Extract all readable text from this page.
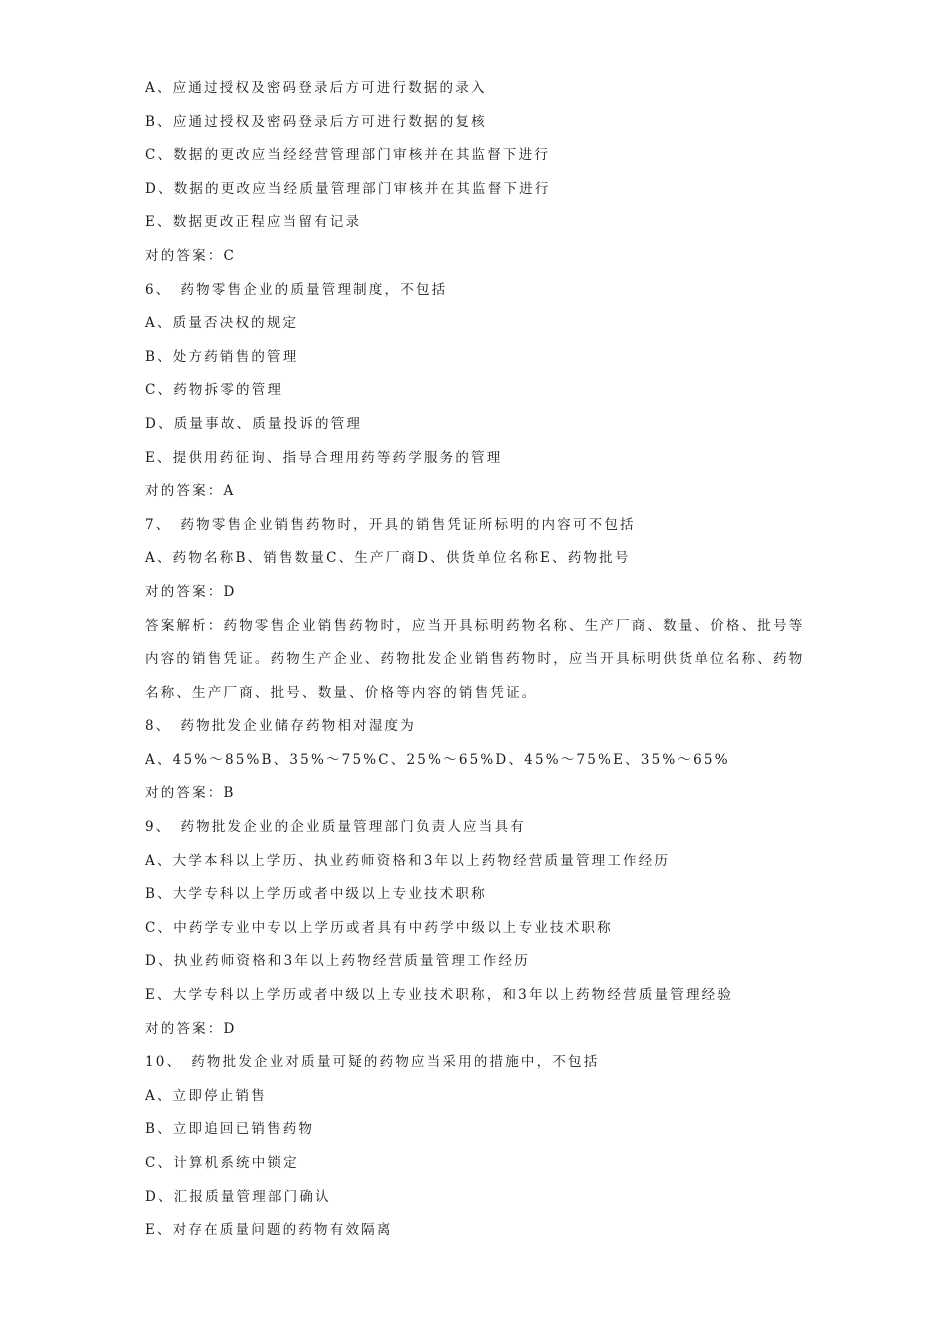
A、应通过授权及密码登录后方可进行数据的录入
B、应通过授权及密码登录后方可进行数据的复核
C、数据的更改应当经经营管理部门审核并在其监督下进行
D、数据的更改应当经质量管理部门审核并在其监督下进行
E、数据更改正程应当留有记录
对的答案：C
6、　药物零售企业的质量管理制度，不包括
A、质量否决权的规定
B、处方药销售的管理
C、药物拆零的管理
D、质量事故、质量投诉的管理
E、提供用药征询、指导合理用药等药学服务的管理
对的答案：A
7、　药物零售企业销售药物时，开具的销售凭证所标明的内容可不包括
A、药物名称B、销售数量C、生产厂商D、供货单位名称E、药物批号
对的答案：D
答案解析：药物零售企业销售药物时，应当开具标明药物名称、生产厂商、数量、价格、批号等内容的销售凭证。药物生产企业、药物批发企业销售药物时，应当开具标明供货单位名称、药物名称、生产厂商、批号、数量、价格等内容的销售凭证。
8、　药物批发企业储存药物相对湿度为
A、45%～85%B、35%～75%C、25%～65%D、45%～75%E、35%～65%
对的答案：B
9、　药物批发企业的企业质量管理部门负责人应当具有
A、大学本科以上学历、执业药师资格和3年以上药物经营质量管理工作经历
B、大学专科以上学历或者中级以上专业技术职称
C、中药学专业中专以上学历或者具有中药学中级以上专业技术职称
D、执业药师资格和3年以上药物经营质量管理工作经历
E、大学专科以上学历或者中级以上专业技术职称，和3年以上药物经营质量管理经验
对的答案：D
10、　药物批发企业对质量可疑的药物应当采用的措施中，不包括
A、立即停止销售
B、立即追回已销售药物
C、计算机系统中锁定
D、汇报质量管理部门确认
E、对存在质量问题的药物有效隔离
